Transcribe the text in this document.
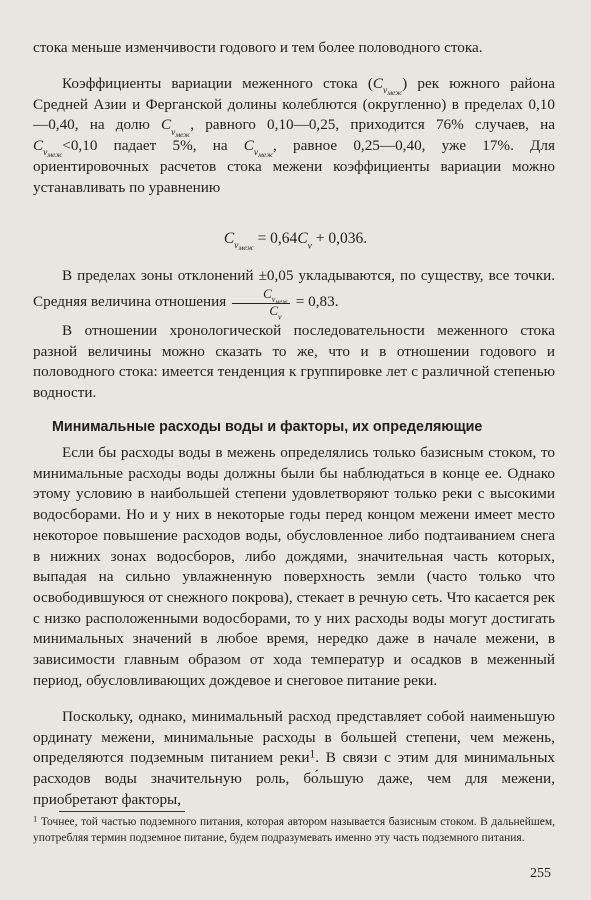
стока меньше изменчивости годового и тем более половодного стока.

Коэффициенты вариации меженного стока $(C_{v_{меж}})$ рек южного района Средней Азии и Ферганской долины колеблются (округленно) в пределах 0,10—0,40, на долю $C_{v_{меж}}$, равного 0,10—0,25, приходится 76% случаев, на $C_{v_{меж}}<0,10$ падает 5%, на $C_{v_{меж}}$, равное 0,25—0,40, уже 17%. Для ориентировочных расчетов стока межени коэффициенты вариации можно устанавливать по уравнению

$C_{v_{меж}} = 0,64C_v + 0,036$.

В пределах зоны отклонений ±0,05 укладываются, по существу, все точки. Средняя величина отношения $\frac{C_{v_{меж}}}{C_v} = 0,83$.

В отношении хронологической последовательности меженного стока разной величины можно сказать то же, что и в отношении годового и половодного стока: имеется тенденция к группировке лет с различной степенью водности.

Минимальные расходы воды и факторы, их определяющие

Если бы расходы воды в межень определялись только базисным стоком, то минимальные расходы воды должны были бы наблюдаться в конце ее. Однако этому условию в наибольшей степени удовлетворяют только реки с высокими водосборами. Но и у них в некоторые годы перед концом межени имеет место некоторое повышение расходов воды, обусловленное либо подтаиванием снега в нижних зонах водосборов, либо дождями, значительная часть которых, выпадая на сильно увлажненную поверхность земли (часто только что освободившуюся от снежного покрова), стекает в речную сеть. Что касается рек с низко расположенными водосборами, то у них расходы воды могут достигать минимальных значений в любое время, нередко даже в начале межени, в зависимости главным образом от хода температур и осадков в меженный период, обусловливающих дождевое и снеговое питание реки.

Поскольку, однако, минимальный расход представляет собой наименьшую ординату межени, минимальные расходы в большей степени, чем межень, определяются подземным питанием реки$^1$. В связи с этим для минимальных расходов воды значительную роль, бо́льшую даже, чем для межени, приобретают факторы,

$^1$ Точнее, той частью подземного питания, которая автором называется базисным стоком. В дальнейшем, употребляя термин подземное питание, будем подразумевать именно эту часть подземного питания.
255
